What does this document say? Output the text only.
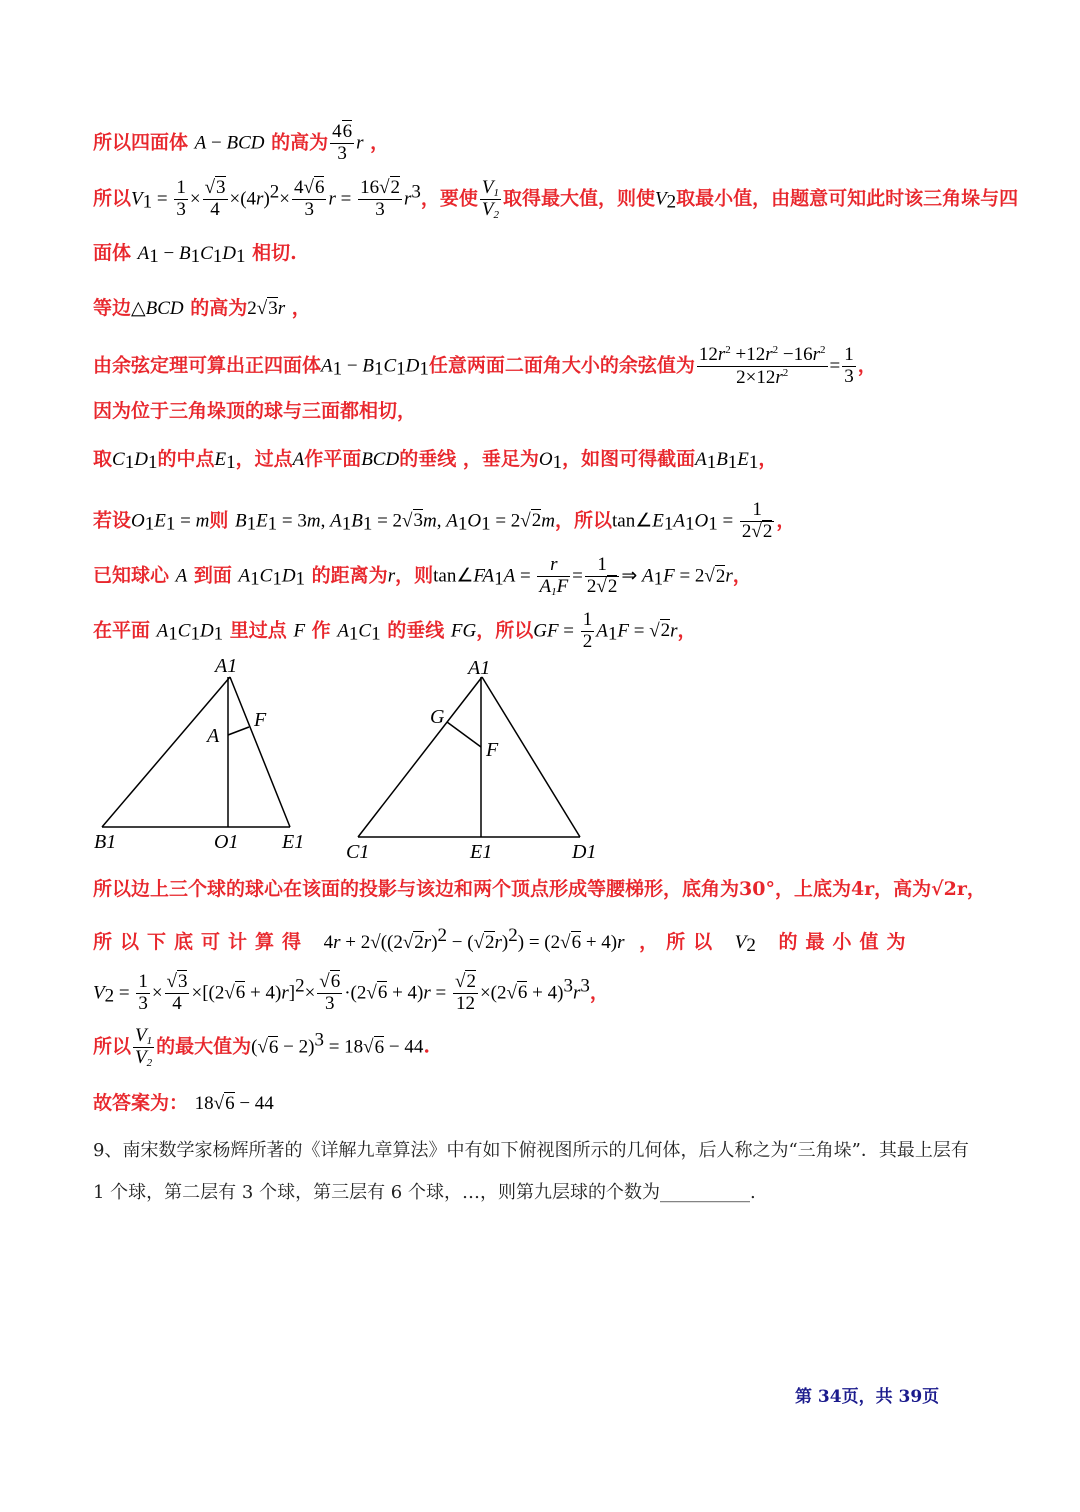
所以四面体 A − BCD 的高为 $\frac{46}{3}$ r ，
所以$V_1 = \frac{1}{3} \times \frac{√3}{4} \times(4r)^2\times \frac{4√6}{3}$ $r = \frac{16√2}{3} r^3$，要使 $\frac{V_1}{V_2}$ 取得最大值，则使$V_2$取最小值，由题意可知此时该三角垛与四
面体 $A_1 - B_1C_1D_1$ 相切.
等边△BCD 的高为2√3r ，
由余弦定理可算出正四面体$A_1 - B_1C_1D_1$任意两面二面角大小的余弦值为 $\frac{12r^2 +12r^2 -16r^2}{2\times 12r^2} = \frac{1}{3}$ ，
因为位于三角垛顶的球与三面都相切，
取$C_1D_1$的中点$E_1$，过点A作平面BCD的垂线 ，垂足为$O_1$，如图可得截面$A_1B_1E_1$，
若设$O_1E_1 = m$则 $B_1E_1 = 3m$, $A_1B_1 = 2√3m$, $A_1O_1 = 2√2m$，所以$\tan\angle E_1A_1O_1 = \frac{1}{2√2}$ ，
已知球心 A 到面 $A_1C_1D_1$ 的距离为r，则$\tan\angle FA_1A = \frac{r}{A_1F} = \frac{1}{2√2}$ ⇒ $A_1F = 2√2r$，
在平面 $A_1C_1D_1$ 里过点 F 作 $A_1C_1$ 的垂线 FG，所以GF = $\frac{1}{2} A_1F = √2r$，
A1
A
F
B1	O1 E1
A1
G
F
C1	E1	D1
所以边上三个球的球心在该面的投影与该边和两个顶点形成等腰梯形，底角为30°，上底为4r，高为√2r，
所以下底可计算得 $4r + 2√((2√2r)^2 - (√2r)^2) = (2√6 + 4)r$ ，所以 $V_2$ 的最小值为
$V_2 = \frac{1}{3} \times \frac{√3}{4} \times[(2√6 + 4)r]^2\times \frac{√6}{3} \cdot(2√6 + 4)r = \frac{√2}{12} \times(2√6 + 4)^3r^3$，
所以 $\frac{V_1}{V_2}$ 的最大值为$(√6 - 2)^3 = 18√6 - 44$.
故答案为： 18√6 − 44
9、南宋数学家杨辉所著的《详解九章算法》中有如下俯视图所示的几何体，后人称之为“三角垛”．其最上层有
1 个球，第二层有 3 个球，第三层有 6 个球，…，则第九层球的个数为__________.
第 34页，共 39页
